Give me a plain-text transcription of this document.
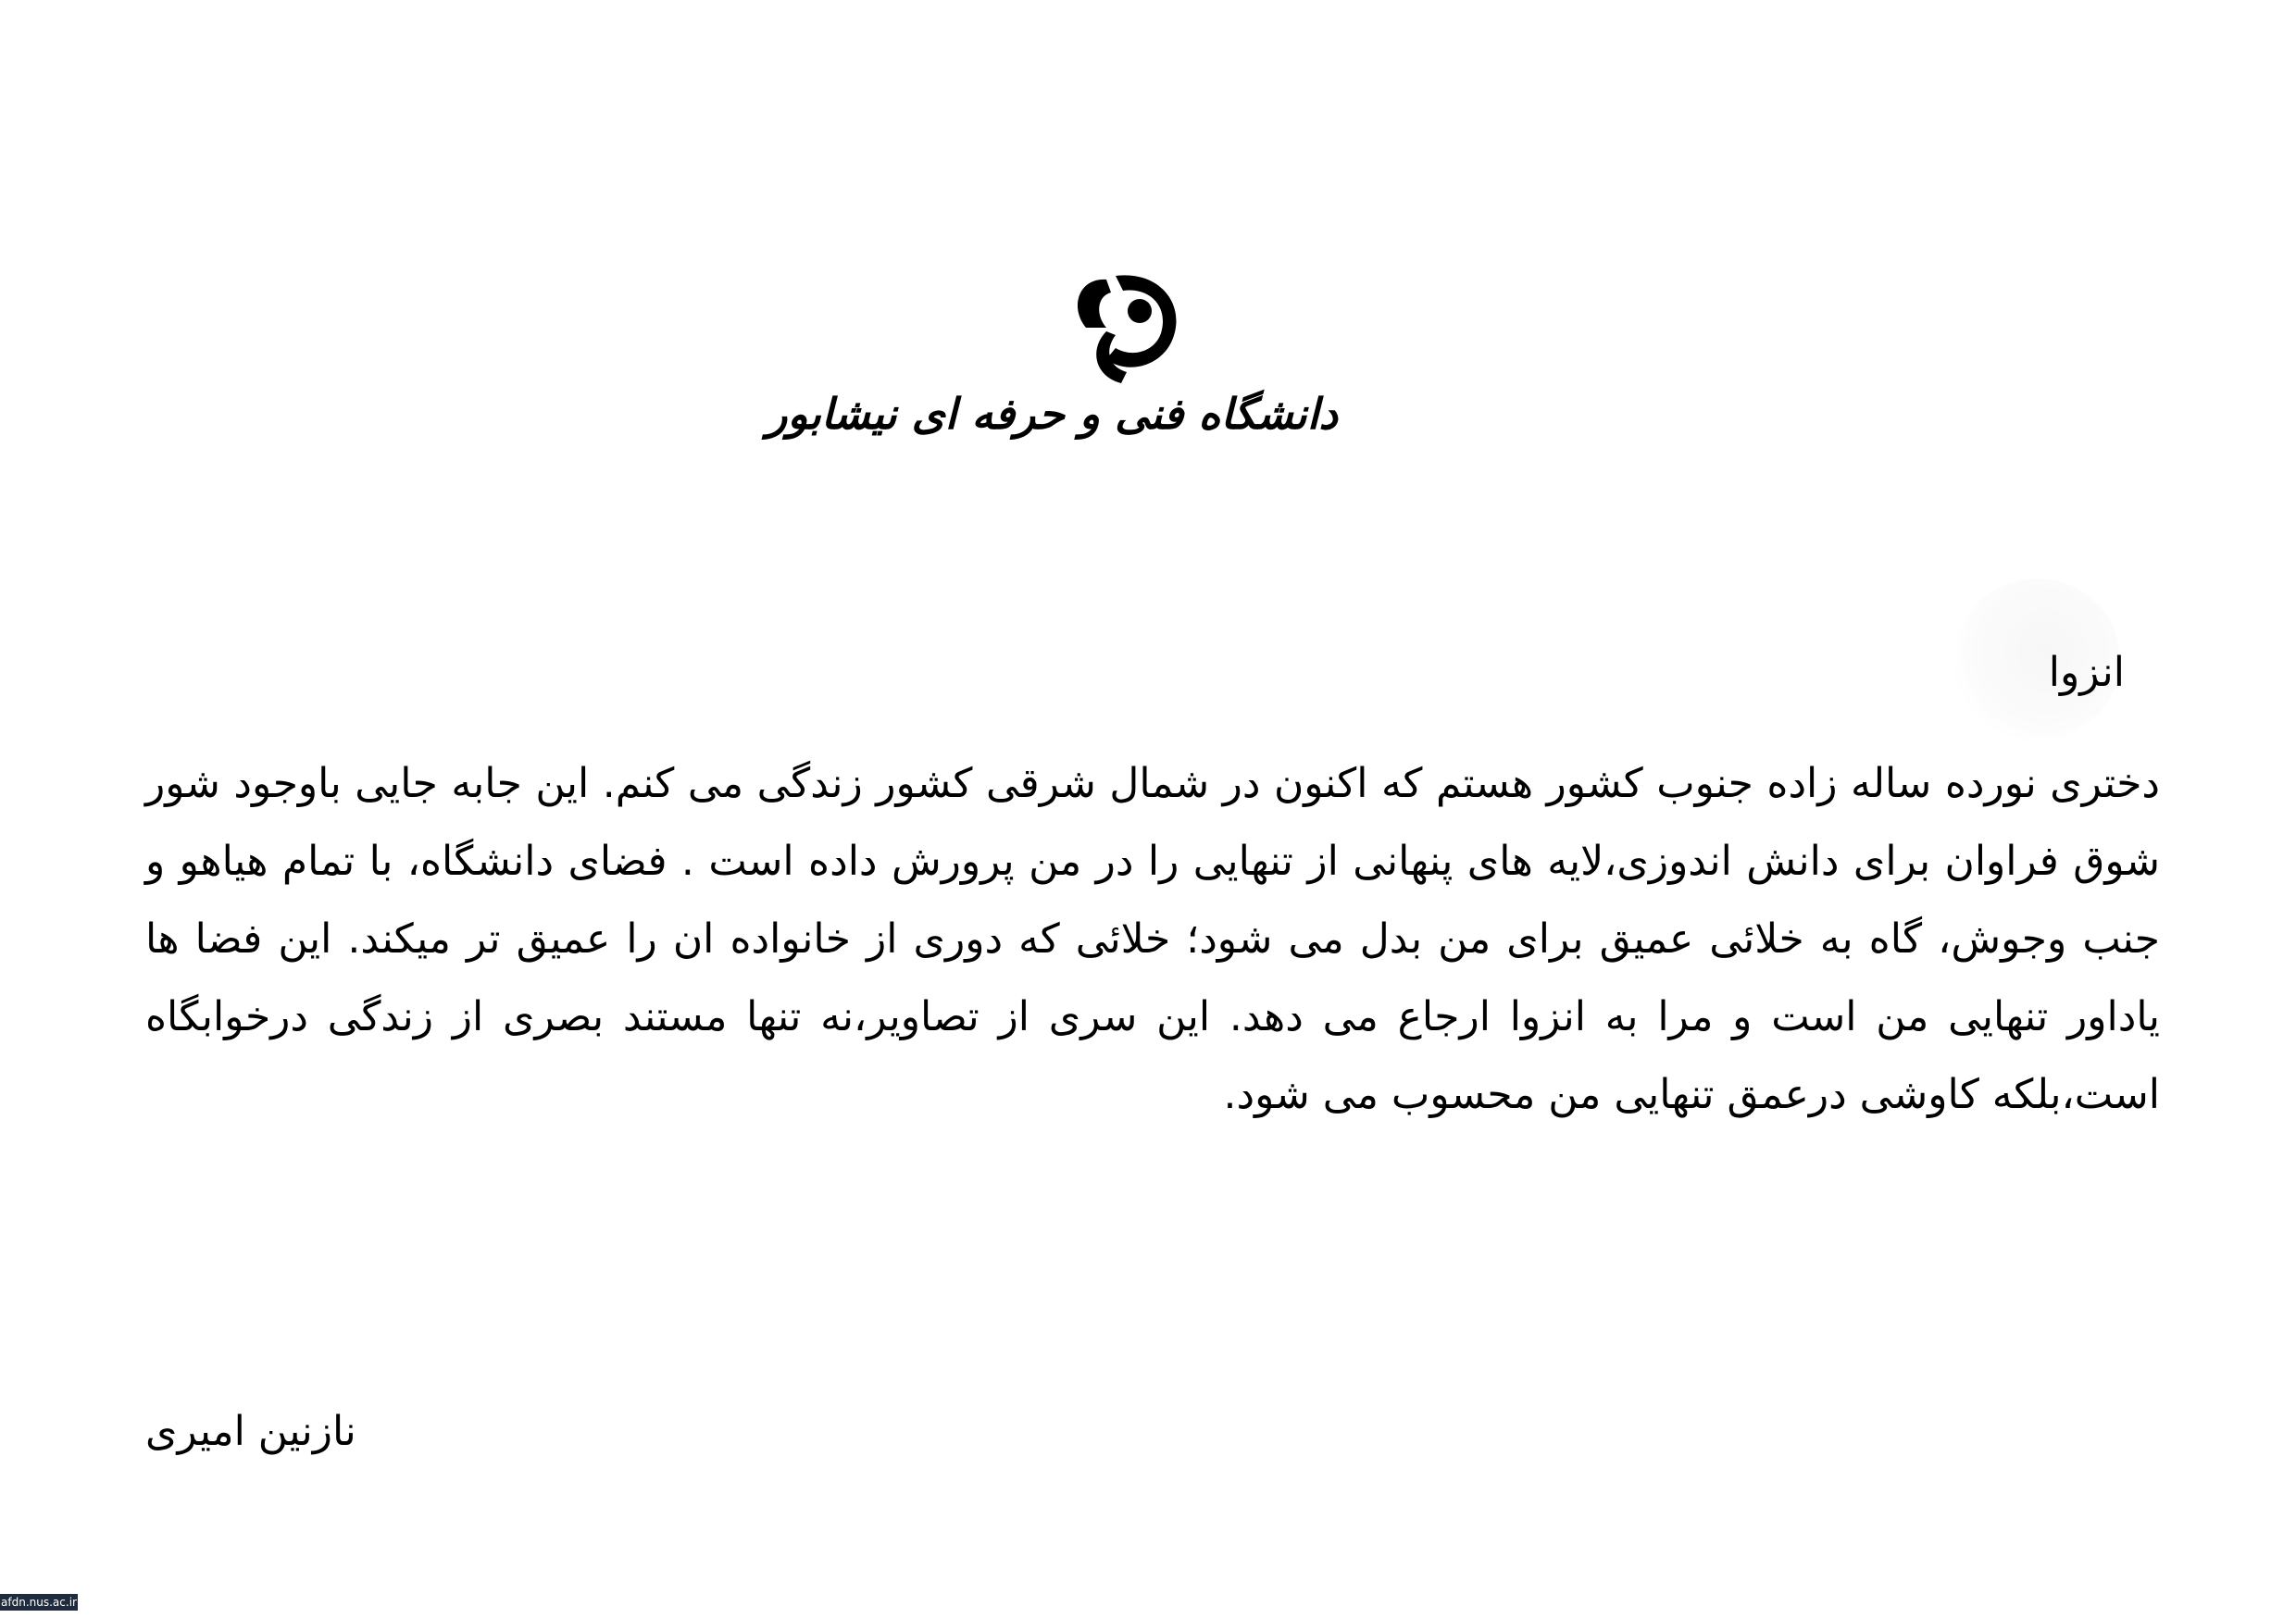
دانشگاه فنی و حرفه ای نیشابور
انزوا
دختری نورده ساله زاده جنوب کشور هستم که اکنون در شمال شرقی کشور زندگی می کنم. این جابه جایی باوجود شور شوق فراوان برای دانش اندوزی،لایه های پنهانی از تنهایی را در من پرورش داده است . فضای دانشگاه، با تمام هیاهو و جنب وجوش، گاه به خلائی عمیق برای من بدل می شود؛ خلائی که دوری از خانواده ان را عمیق تر میکند. این فضا ها یاداور تنهایی من است و مرا به انزوا ارجاع می دهد. این سری از تصاویر،نه تنها مستند بصری از زندگی درخوابگاه است،بلکه کاوشی درعمق تنهایی من محسوب می شود.
نازنین امیری
afdn.nus.ac.ir
